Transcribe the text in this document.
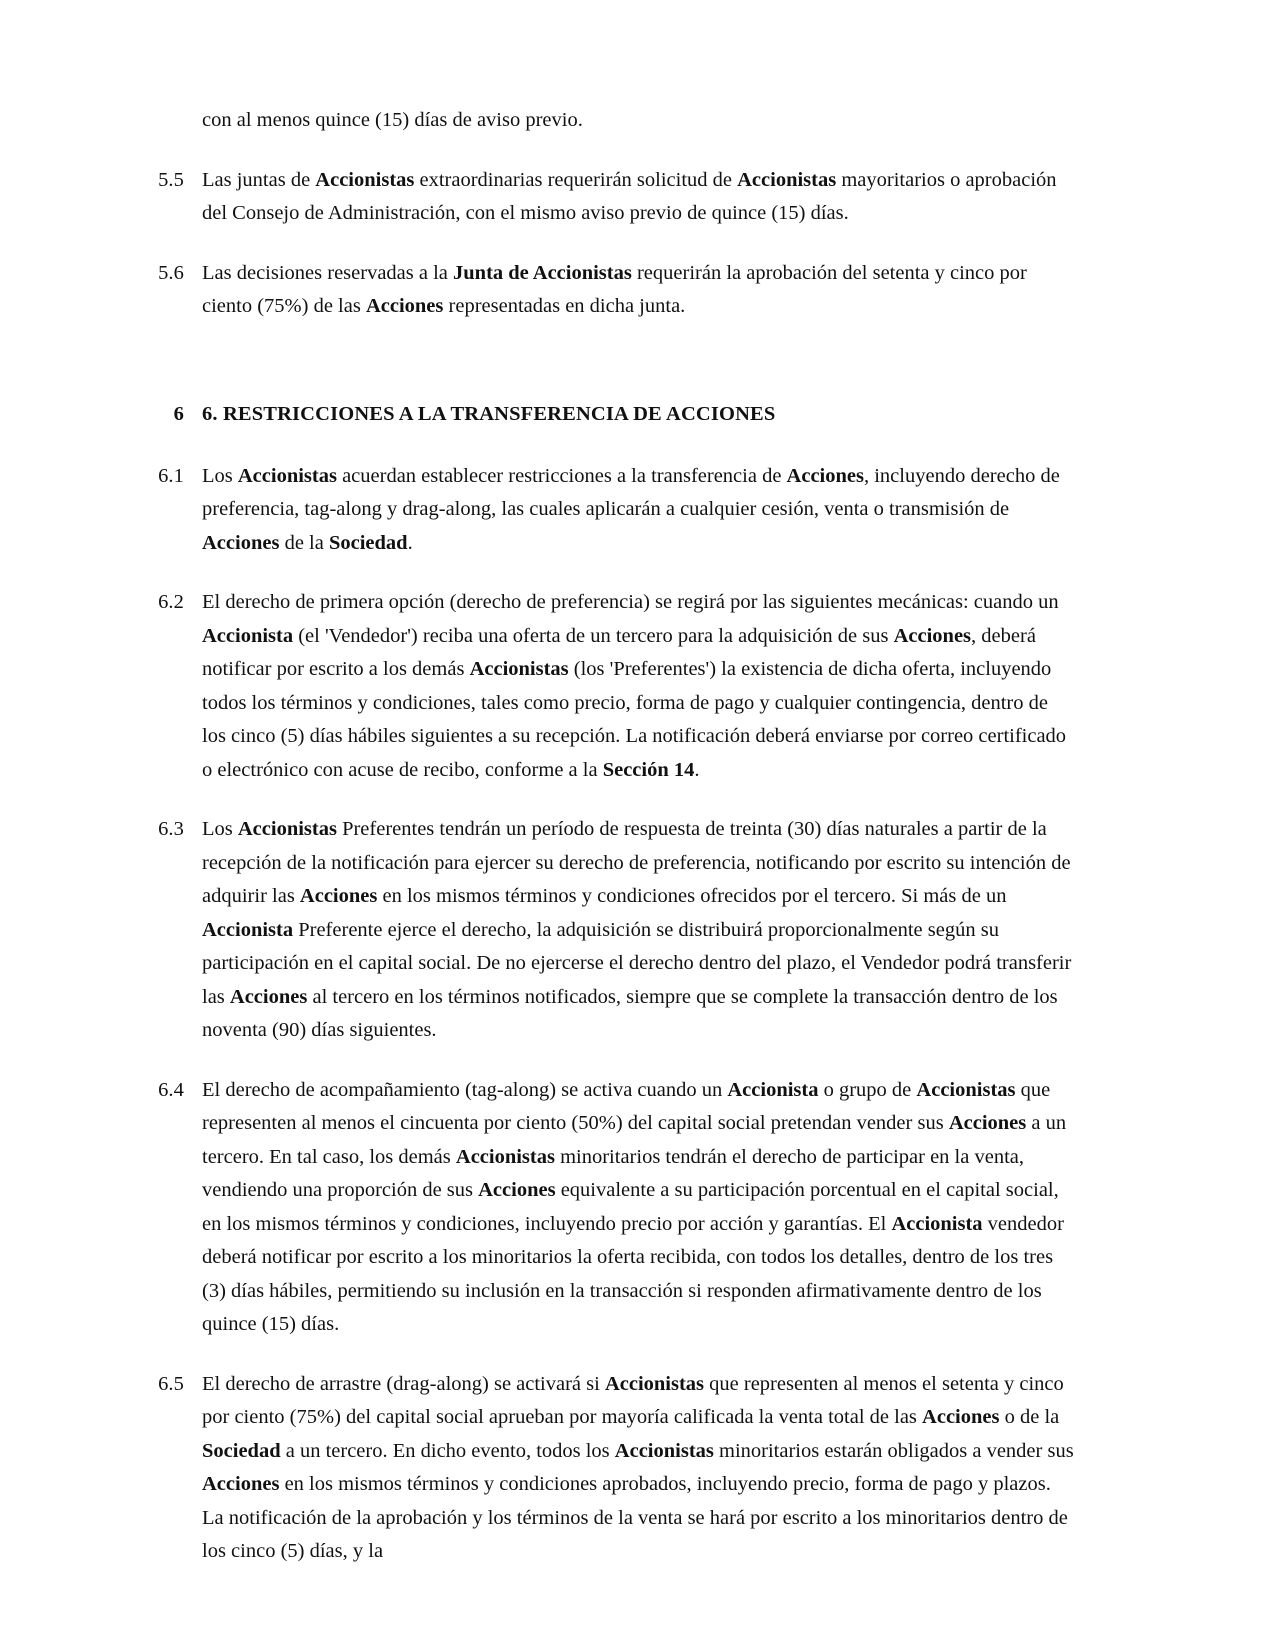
con al menos quince (15) días de aviso previo.
5.5 Las juntas de Accionistas extraordinarias requerirán solicitud de Accionistas mayoritarios o aprobación del Consejo de Administración, con el mismo aviso previo de quince (15) días.
5.6 Las decisiones reservadas a la Junta de Accionistas requerirán la aprobación del setenta y cinco por ciento (75%) de las Acciones representadas en dicha junta.
6 6. RESTRICCIONES A LA TRANSFERENCIA DE ACCIONES
6.1 Los Accionistas acuerdan establecer restricciones a la transferencia de Acciones, incluyendo derecho de preferencia, tag-along y drag-along, las cuales aplicarán a cualquier cesión, venta o transmisión de Acciones de la Sociedad.
6.2 El derecho de primera opción (derecho de preferencia) se regirá por las siguientes mecánicas: cuando un Accionista (el 'Vendedor') reciba una oferta de un tercero para la adquisición de sus Acciones, deberá notificar por escrito a los demás Accionistas (los 'Preferentes') la existencia de dicha oferta, incluyendo todos los términos y condiciones, tales como precio, forma de pago y cualquier contingencia, dentro de los cinco (5) días hábiles siguientes a su recepción. La notificación deberá enviarse por correo certificado o electrónico con acuse de recibo, conforme a la Sección 14.
6.3 Los Accionistas Preferentes tendrán un período de respuesta de treinta (30) días naturales a partir de la recepción de la notificación para ejercer su derecho de preferencia, notificando por escrito su intención de adquirir las Acciones en los mismos términos y condiciones ofrecidos por el tercero. Si más de un Accionista Preferente ejerce el derecho, la adquisición se distribuirá proporcionalmente según su participación en el capital social. De no ejercerse el derecho dentro del plazo, el Vendedor podrá transferir las Acciones al tercero en los términos notificados, siempre que se complete la transacción dentro de los noventa (90) días siguientes.
6.4 El derecho de acompañamiento (tag-along) se activa cuando un Accionista o grupo de Accionistas que representen al menos el cincuenta por ciento (50%) del capital social pretendan vender sus Acciones a un tercero. En tal caso, los demás Accionistas minoritarios tendrán el derecho de participar en la venta, vendiendo una proporción de sus Acciones equivalente a su participación porcentual en el capital social, en los mismos términos y condiciones, incluyendo precio por acción y garantías. El Accionista vendedor deberá notificar por escrito a los minoritarios la oferta recibida, con todos los detalles, dentro de los tres (3) días hábiles, permitiendo su inclusión en la transacción si responden afirmativamente dentro de los quince (15) días.
6.5 El derecho de arrastre (drag-along) se activará si Accionistas que representen al menos el setenta y cinco por ciento (75%) del capital social aprueban por mayoría calificada la venta total de las Acciones o de la Sociedad a un tercero. En dicho evento, todos los Accionistas minoritarios estarán obligados a vender sus Acciones en los mismos términos y condiciones aprobados, incluyendo precio, forma de pago y plazos. La notificación de la aprobación y los términos de la venta se hará por escrito a los minoritarios dentro de los cinco (5) días, y la
